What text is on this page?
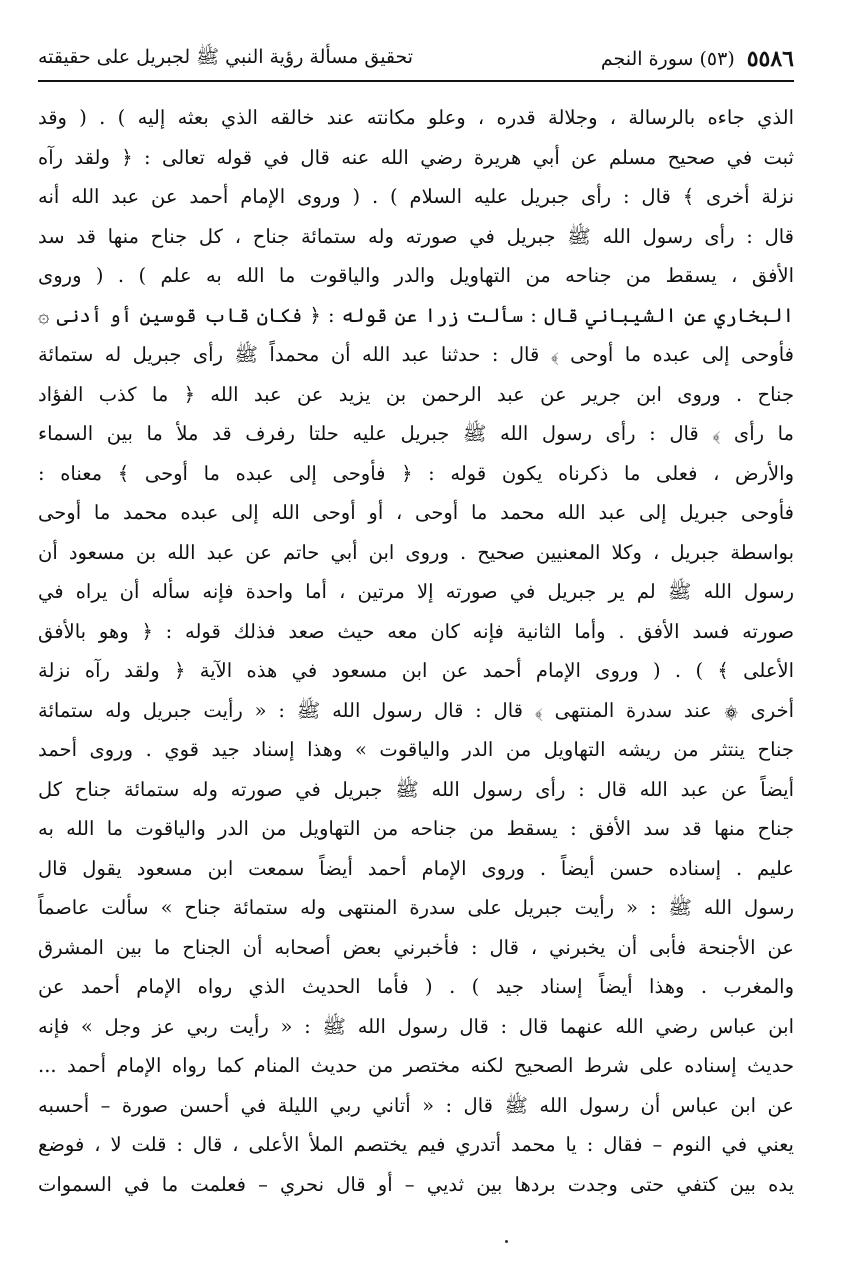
٥٥٨٦
(٥٣) سورة النجم
تحقيق مسألة رؤية النبي ﷺ لجبريل على حقيقته
الذي جاءه بالرسالة ، وجلالة قدره ، وعلو مكانته عند خالقه الذي بعثه إليه ) . ( وقد
ثبت في صحيح مسلم عن أبي هريرة رضي الله عنه قال في قوله تعالى : ﴿ ولقد رآه
نزلة أخرى ﴾ قال : رأى جبريل عليه السلام ) . ( وروى الإمام أحمد عن عبد الله أنه
قال : رأى رسول الله ﷺ جبريل في صورته وله ستمائة جناح ، كل جناح منها قد سد
الأفق ، يسقط من جناحه من التهاويل والدر والياقوت ما الله به علم ) . ( وروى
البخاري عن الشيباني قال : سألت زرا عن قوله : ﴿ فكان قاب قوسين أو أدنى ۞
فأوحى إلى عبده ما أوحى ﴾ قال : حدثنا عبد الله أن محمداً ﷺ رأى جبريل له ستمائة
جناح . وروى ابن جرير عن عبد الرحمن بن يزيد عن عبد الله ﴿ ما كذب الفؤاد
ما رأى ﴾ قال : رأى رسول الله ﷺ جبريل عليه حلتا رفرف قد ملأ ما بين السماء
والأرض ، فعلى ما ذكرناه يكون قوله : ﴿ فأوحى إلى عبده ما أوحى ﴾ معناه :
فأوحى جبريل إلى عبد الله محمد ما أوحى ، أو أوحى الله إلى عبده محمد ما أوحى
بواسطة جبريل ، وكلا المعنيين صحيح . وروى ابن أبي حاتم عن عبد الله بن مسعود أن
رسول الله ﷺ لم ير جبريل في صورته إلا مرتين ، أما واحدة فإنه سأله أن يراه في
صورته فسد الأفق . وأما الثانية فإنه كان معه حيث صعد فذلك قوله : ﴿ وهو بالأفق
الأعلى ﴾ ) . ( وروى الإمام أحمد عن ابن مسعود في هذه الآية ﴿ ولقد رآه نزلة
أخرى ۞ عند سدرة المنتهى ﴾ قال : قال رسول الله ﷺ : « رأيت جبريل وله ستمائة
جناح ينتثر من ريشه التهاويل من الدر والياقوت » وهذا إسناد جيد قوي . وروى أحمد
أيضاً عن عبد الله قال : رأى رسول الله ﷺ جبريل في صورته وله ستمائة جناح كل
جناح منها قد سد الأفق : يسقط من جناحه من التهاويل من الدر والياقوت ما الله به
عليم . إسناده حسن أيضاً . وروى الإمام أحمد أيضاً سمعت ابن مسعود يقول قال
رسول الله ﷺ : « رأيت جبريل على سدرة المنتهى وله ستمائة جناح » سألت عاصماً
عن الأجنحة فأبى أن يخبرني ، قال : فأخبرني بعض أصحابه أن الجناح ما بين المشرق
والمغرب . وهذا أيضاً إسناد جيد ) . ( فأما الحديث الذي رواه الإمام أحمد عن
ابن عباس رضي الله عنهما قال : قال رسول الله ﷺ : « رأيت ربي عز وجل » فإنه
حديث إسناده على شرط الصحيح لكنه مختصر من حديث المنام كما رواه الإمام أحمد ...
عن ابن عباس أن رسول الله ﷺ قال : « أتاني ربي الليلة في أحسن صورة – أحسبه
يعني في النوم – فقال : يا محمد أتدري فيم يختصم الملأ الأعلى ، قال : قلت لا ، فوضع
يده بين كتفي حتى وجدت بردها بين ثديي – أو قال نحري – فعلمت ما في السموات
